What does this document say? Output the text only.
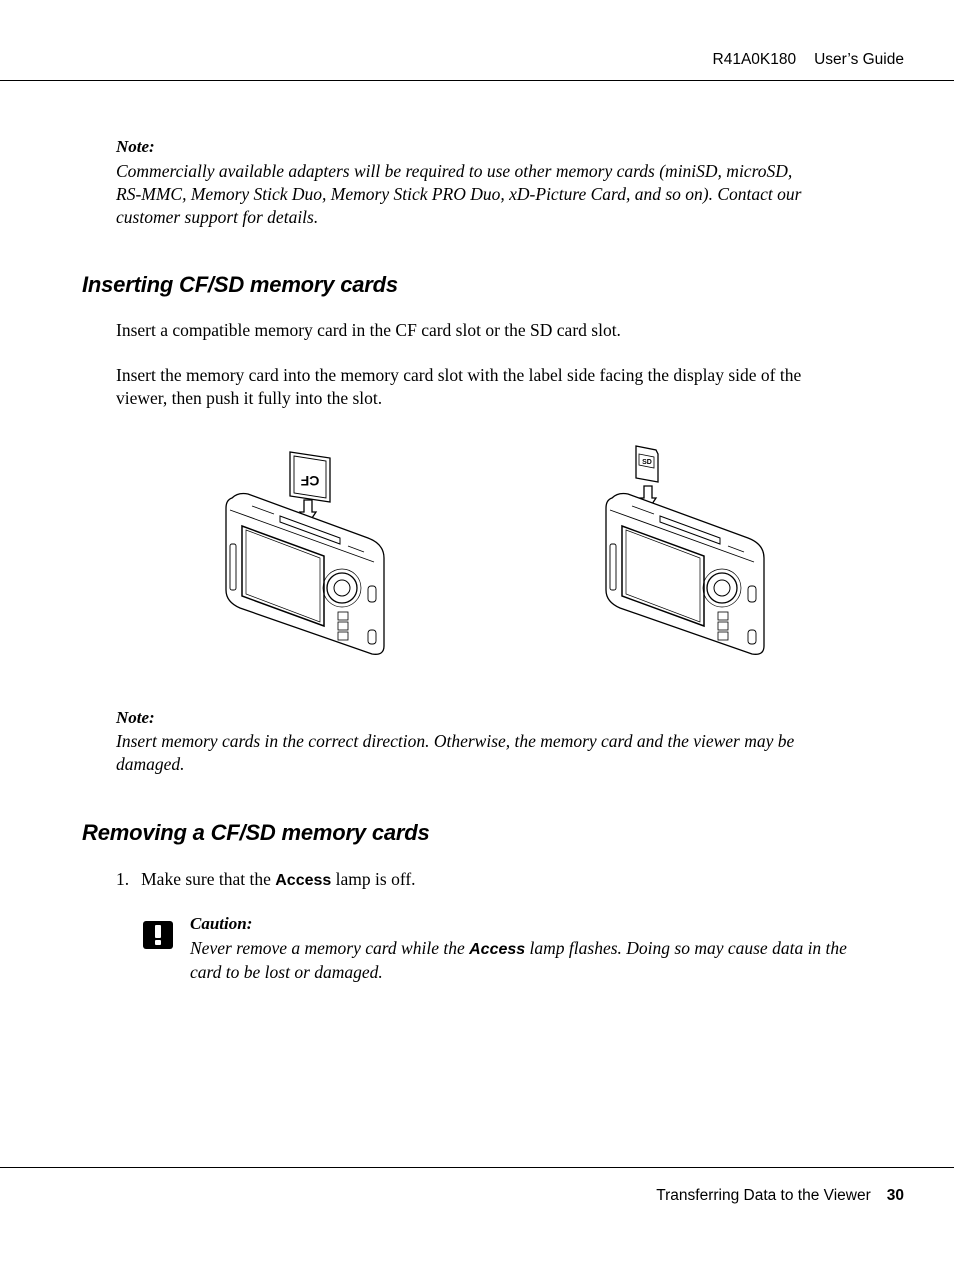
R41A0K180 User’s Guide
Note:
Commercially available adapters will be required to use other memory cards (miniSD, microSD,
RS-MMC, Memory Stick Duo, Memory Stick PRO Duo, xD-Picture Card, and so on). Contact our
customer support for details.
Inserting CF/SD memory cards
Insert a compatible memory card in the CF card slot or the SD card slot.
Insert the memory card into the memory card slot with the label side facing the display side of the
viewer, then push it fully into the slot.
CF
SD
Note:
Insert memory cards in the correct direction. Otherwise, the memory card and the viewer may be
damaged.
Removing a CF/SD memory cards
1. Make sure that the Access lamp is off.
Caution:
Never remove a memory card while the Access lamp flashes. Doing so may cause data in the
card to be lost or damaged.
Transferring Data to the Viewer 30
